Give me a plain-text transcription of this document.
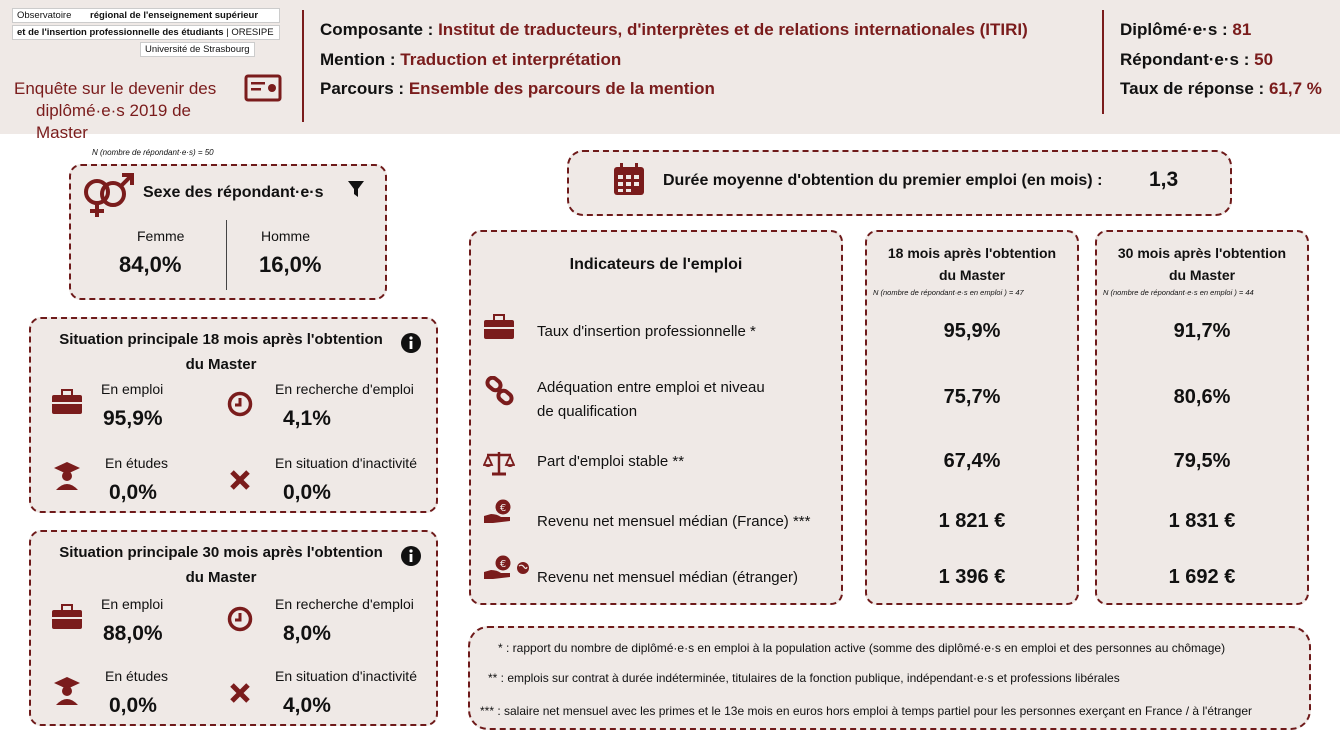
Observatoire régional de l'enseignement supérieur
et de l'insertion professionnelle des étudiants | ORESIPE
Université de Strasbourg
Enquête sur le devenir des
diplômé·e·s 2019 de Master
Composante : Institut de traducteurs, d'interprètes et de relations internationales (ITIRI)
Mention : Traduction et interprétation
Parcours : Ensemble des parcours de la mention
Diplômé·e·s : 81
Répondant·e·s : 50
Taux de réponse : 61,7 %
N (nombre de répondant·e·s) = 50
Sexe des répondant·e·s
Femme
84,0%
Homme
16,0%
Situation principale 18 mois après l'obtention
du Master
En emploi
95,9%
En recherche d'emploi
4,1%
En études
0,0%
En situation d'inactivité
0,0%
Situation principale 30 mois après l'obtention
du Master
En emploi
88,0%
En recherche d'emploi
8,0%
En études
0,0%
En situation d'inactivité
4,0%
Durée moyenne d'obtention du premier emploi (en mois) : 1,3
Indicateurs de l'emploi
Taux d'insertion professionnelle *
Adéquation entre emploi et niveau
de qualification
Part d'emploi stable **
€
Revenu net mensuel médian (France) ***
€
Revenu net mensuel médian (étranger)
18 mois après l'obtention
du Master
N (nombre de répondant·e·s en emploi ) = 47
95,9%
75,7%
67,4%
1 821 €
1 396 €
30 mois après l'obtention
du Master
N (nombre de répondant·e·s en emploi ) = 44
91,7%
80,6%
79,5%
1 831 €
1 692 €
* : rapport du nombre de diplômé·e·s en emploi à la population active (somme des diplômé·e·s en emploi et des personnes au chômage)
** : emplois sur contrat à durée indéterminée, titulaires de la fonction publique, indépendant·e·s et professions libérales
*** : salaire net mensuel avec les primes et le 13e mois en euros hors emploi à temps partiel pour les personnes exerçant en France / à l'étranger
